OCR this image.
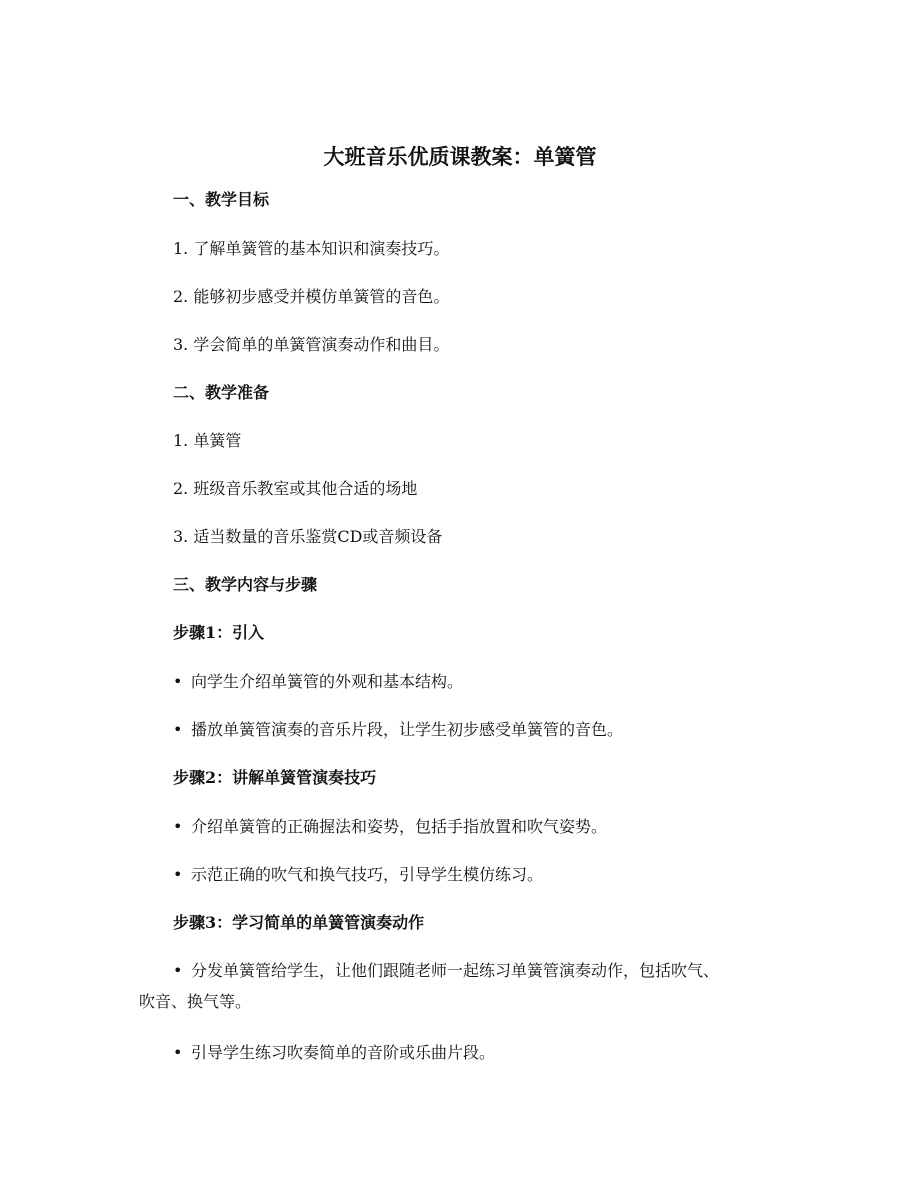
大班音乐优质课教案：单簧管
一、教学目标
1. 了解单簧管的基本知识和演奏技巧。
2. 能够初步感受并模仿单簧管的音色。
3. 学会简单的单簧管演奏动作和曲目。
二、教学准备
1. 单簧管
2. 班级音乐教室或其他合适的场地
3. 适当数量的音乐鉴赏CD或音频设备
三、教学内容与步骤
步骤1：引入
• 向学生介绍单簧管的外观和基本结构。
• 播放单簧管演奏的音乐片段，让学生初步感受单簧管的音色。
步骤2：讲解单簧管演奏技巧
• 介绍单簧管的正确握法和姿势，包括手指放置和吹气姿势。
• 示范正确的吹气和换气技巧，引导学生模仿练习。
步骤3：学习简单的单簧管演奏动作
• 分发单簧管给学生，让他们跟随老师一起练习单簧管演奏动作，包括吹气、
吹音、换气等。
• 引导学生练习吹奏简单的音阶或乐曲片段。
